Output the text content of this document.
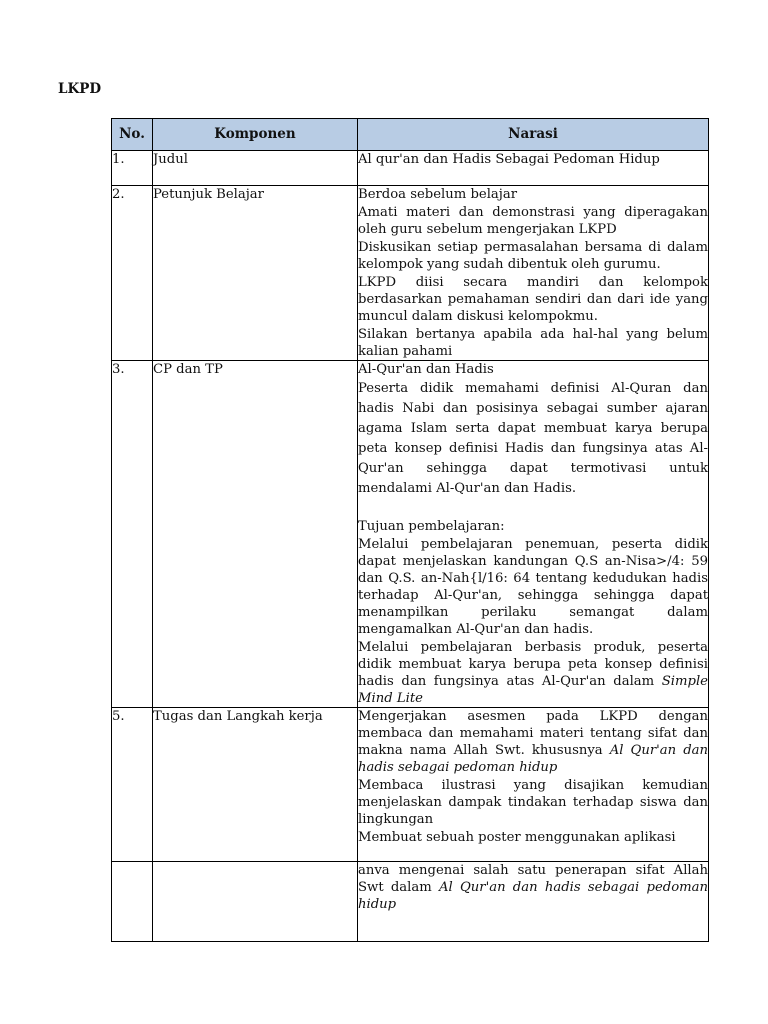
LKPD
No.	Komponen	Narasi
1.	Judul	Al qur'an dan Hadis Sebagai Pedoman Hidup

2.	Petunjuk Belajar	Berdoa sebelum belajar

Amati materi dan demonstrasi yang diperagakan oleh guru sebelum mengerjakan LKPD

Diskusikan setiap permasalahan bersama di dalam kelompok yang sudah dibentuk oleh gurumu.

LKPD diisi secara mandiri dan kelompok berdasarkan pemahaman sendiri dan dari ide yang muncul dalam diskusi kelompokmu.

Silakan bertanya apabila ada hal-hal yang belum kalian pahami

3.	CP dan TP	Al-Qur'an dan Hadis

Peserta didik memahami definisi Al-Quran dan hadis Nabi dan posisinya sebagai sumber ajaran agama Islam serta dapat membuat karya berupa peta konsep definisi Hadis dan fungsinya atas Al-Qur'an sehingga dapat termotivasi untuk mendalami Al-Qur'an dan Hadis.

Tujuan pembelajaran:

Melalui pembelajaran penemuan, peserta didik dapat menjelaskan kandungan Q.S an-Nisa>/4: 59 dan Q.S. an-Nah{l/16: 64 tentang kedudukan hadis terhadap Al-Qur'an, sehingga sehingga dapat menampilkan perilaku semangat dalam mengamalkan Al-Qur'an dan hadis.

Melalui pembelajaran berbasis produk, peserta didik membuat karya berupa peta konsep definisi hadis dan fungsinya atas Al-Qur'an dalam Simple Mind Lite

5.	Tugas dan Langkah kerja	Mengerjakan asesmen pada LKPD dengan membaca dan memahami materi tentang sifat dan makna nama Allah Swt. khususnya Al Qur'an dan hadis sebagai pedoman hidup

Membaca ilustrasi yang disajikan kemudian menjelaskan dampak tindakan terhadap siswa dan lingkungan

Membuat sebuah poster menggunakan aplikasi

		anva mengenai salah satu penerapan sifat Allah Swt dalam Al Qur'an dan hadis sebagai pedoman hidup
